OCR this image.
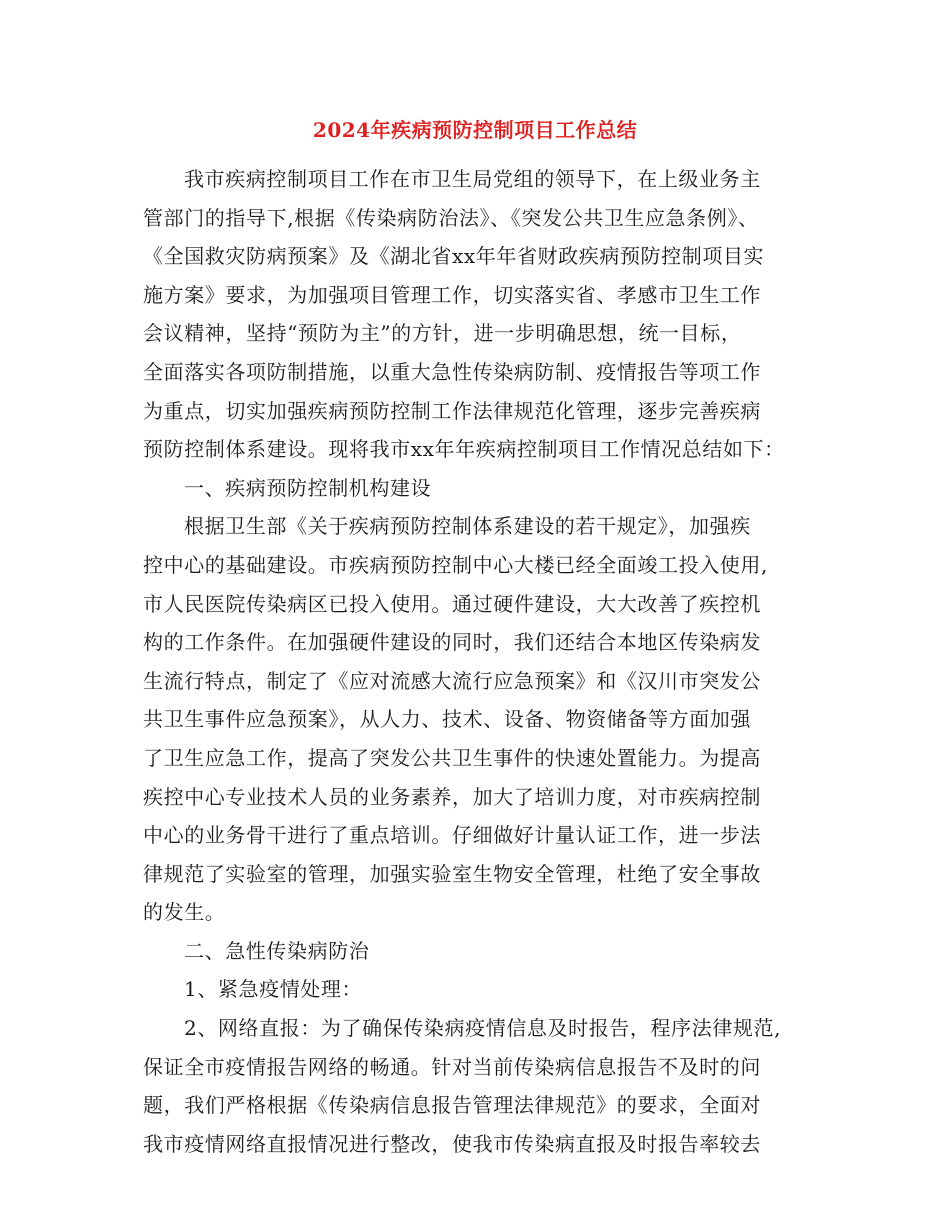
2024年疾病预防控制项目工作总结
我市疾病控制项目工作在市卫生局党组的领导下，在上级业务主
管部门的指导下,根据《传染病防治法》、《突发公共卫生应急条例》、
《全国救灾防病预案》及《湖北省xx年年省财政疾病预防控制项目实
施方案》要求，为加强项目管理工作，切实落实省、孝感市卫生工作
会议精神，坚持“预防为主”的方针，进一步明确思想，统一目标，
全面落实各项防制措施，以重大急性传染病防制、疫情报告等项工作
为重点，切实加强疾病预防控制工作法律规范化管理，逐步完善疾病
预防控制体系建设。现将我市xx年年疾病控制项目工作情况总结如下：
一、疾病预防控制机构建设
根据卫生部《关于疾病预防控制体系建设的若干规定》，加强疾
控中心的基础建设。市疾病预防控制中心大楼已经全面竣工投入使用,
市人民医院传染病区已投入使用。通过硬件建设，大大改善了疾控机
构的工作条件。在加强硬件建设的同时，我们还结合本地区传染病发
生流行特点，制定了《应对流感大流行应急预案》和《汉川市突发公
共卫生事件应急预案》，从人力、技术、设备、物资储备等方面加强
了卫生应急工作，提高了突发公共卫生事件的快速处置能力。为提高
疾控中心专业技术人员的业务素养，加大了培训力度，对市疾病控制
中心的业务骨干进行了重点培训。仔细做好计量认证工作，进一步法
律规范了实验室的管理，加强实验室生物安全管理，杜绝了安全事故
的发生。
二、急性传染病防治
1、紧急疫情处理：
2、网络直报：为了确保传染病疫情信息及时报告，程序法律规范,
保证全市疫情报告网络的畅通。针对当前传染病信息报告不及时的问
题，我们严格根据《传染病信息报告管理法律规范》的要求，全面对
我市疫情网络直报情况进行整改，使我市传染病直报及时报告率较去
